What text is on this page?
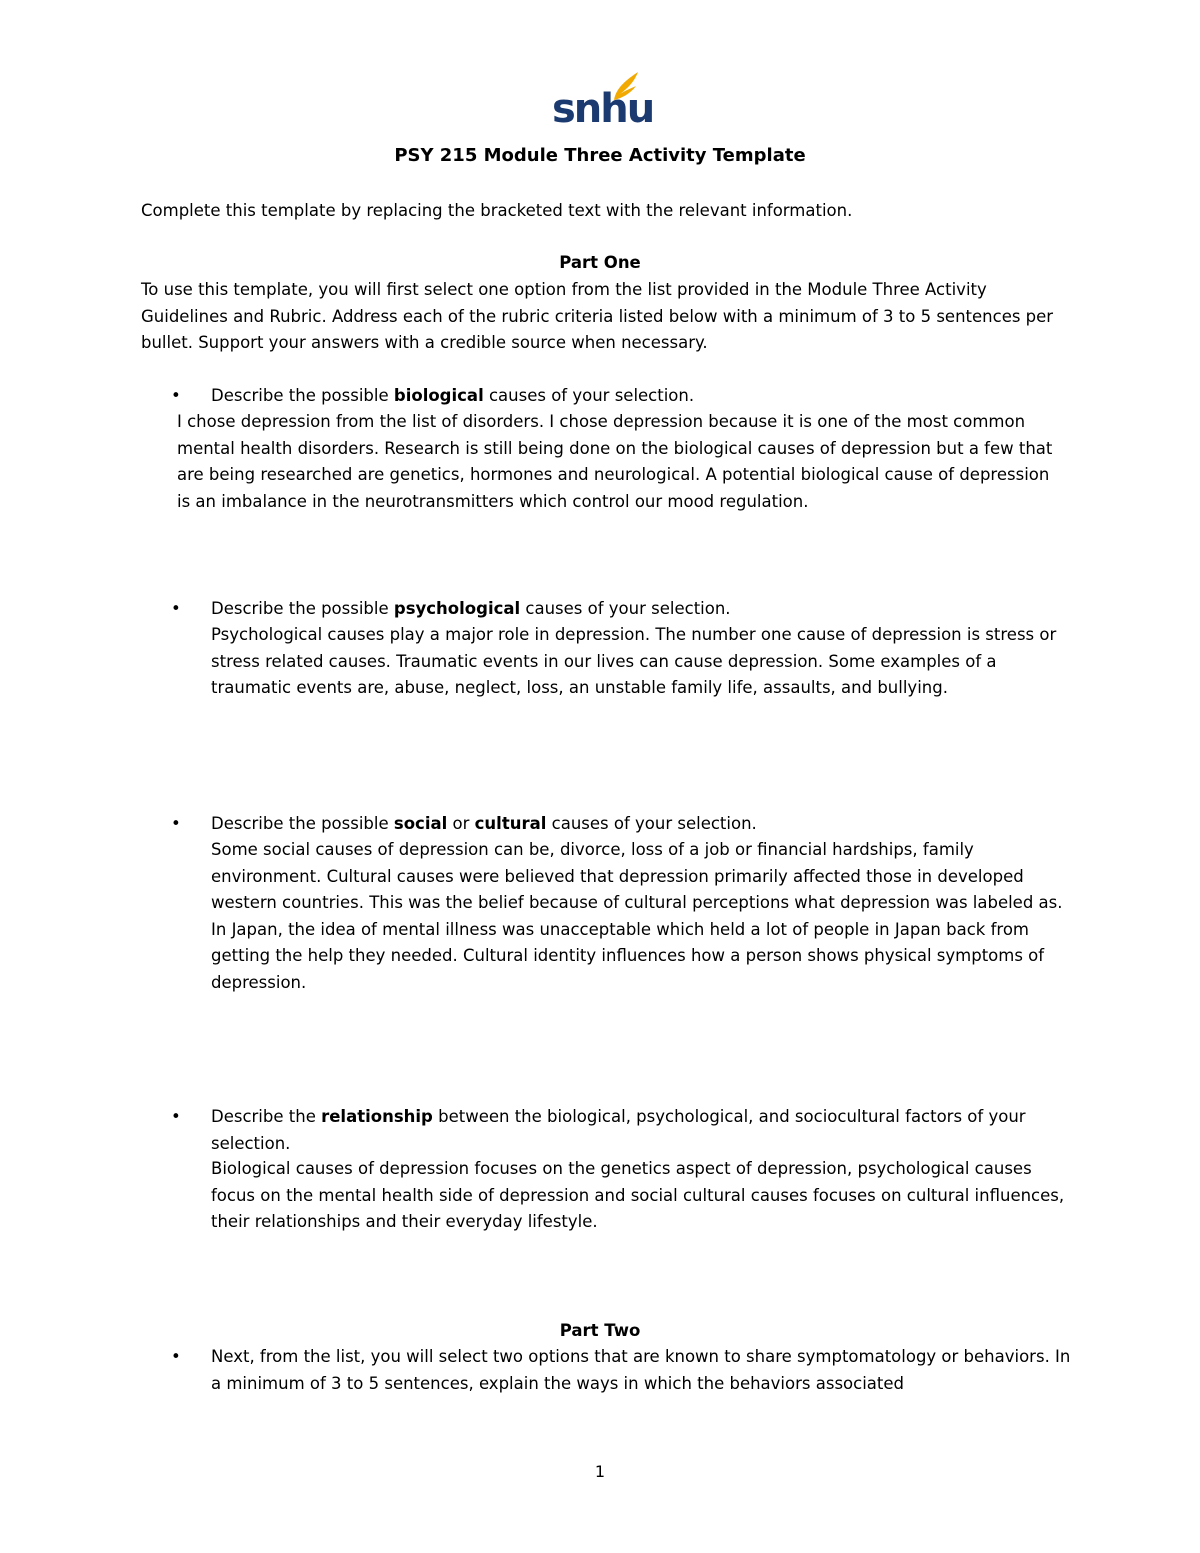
snhu
PSY 215 Module Three Activity Template

Complete this template by replacing the bracketed text with the relevant information.

Part One

To use this template, you will first select one option from the list provided in the Module Three Activity Guidelines and Rubric. Address each of the rubric criteria listed below with a minimum of 3 to 5 sentences per bullet. Support your answers with a credible source when necessary.

• Describe the possible biological causes of your selection.

I chose depression from the list of disorders. I chose depression because it is one of the most common mental health disorders. Research is still being done on the biological causes of depression but a few that are being researched are genetics, hormones and neurological. A potential biological cause of depression is an imbalance in the neurotransmitters which control our mood regulation.

• Describe the possible psychological causes of your selection.

Psychological causes play a major role in depression. The number one cause of depression is stress or stress related causes. Traumatic events in our lives can cause depression. Some examples of a traumatic events are, abuse, neglect, loss, an unstable family life, assaults, and bullying.

• Describe the possible social or cultural causes of your selection.

Some social causes of depression can be, divorce, loss of a job or financial hardships, family environment. Cultural causes were believed that depression primarily affected those in developed western countries. This was the belief because of cultural perceptions what depression was labeled as. In Japan, the idea of mental illness was unacceptable which held a lot of people in Japan back from getting the help they needed. Cultural identity influences how a person shows physical symptoms of depression.

• Describe the relationship between the biological, psychological, and sociocultural factors of your selection.

Biological causes of depression focuses on the genetics aspect of depression, psychological causes focus on the mental health side of depression and social cultural causes focuses on cultural influences, their relationships and their everyday lifestyle.

Part Two

• Next, from the list, you will select two options that are known to share symptomatology or behaviors. In a minimum of 3 to 5 sentences, explain the ways in which the behaviors associated
1
